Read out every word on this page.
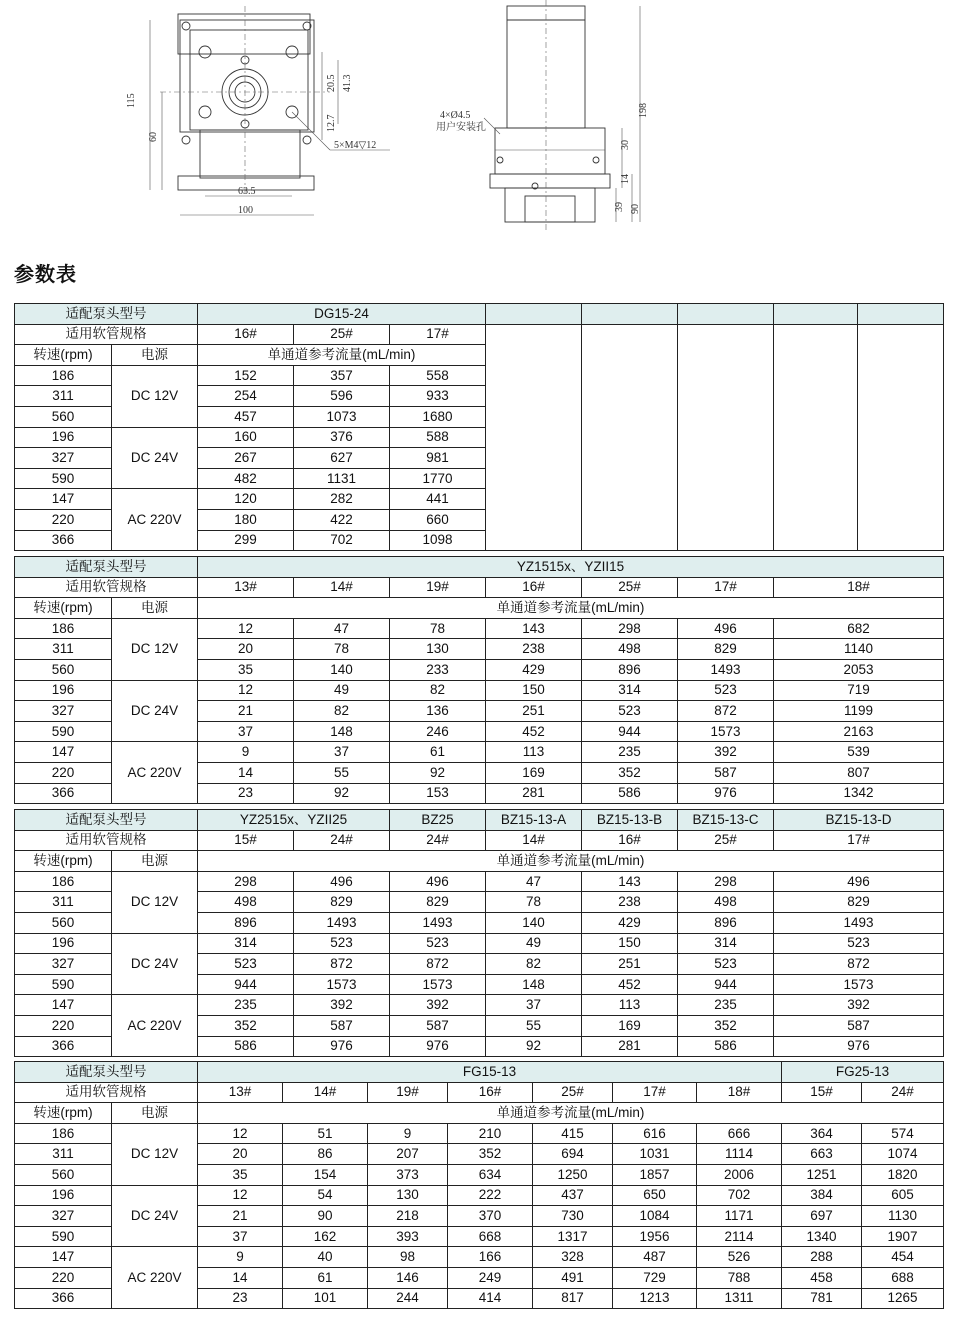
115
60
20.5 41.3
12.7
63.5
100
5×M4▽12
198
30
14
39 90
4×Ø4.5
用户安装孔
参数表
适配泵头型号		DG15-24							
适用软管规格		16#	25#	17#					
转速(rpm)	电源	单通道参考流量(mL/min)							
186	DC 12V	152	357	558					
311		254	596	933					
560		457	1073	1680					
196	DC 24V	160	376	588					
327		267	627	981					
590		482	1131	1770					
147	AC 220V	120	282	441					
220		180	422	660					
366		299	702	1098					
适配泵头型号		YZ1515x、YZII15						
适用软管规格		13#	14#	19#	16#	25#	17#	18#
转速(rpm)	电源	单通道参考流量(mL/min)						
186	DC 12V	12	47	78	143	298	496	682
311		20	78	130	238	498	829	1140
560		35	140	233	429	896	1493	2053
196	DC 24V	12	49	82	150	314	523	719
327		21	82	136	251	523	872	1199
590		37	148	246	452	944	1573	2163
147	AC 220V	9	37	61	113	235	392	539
220		14	55	92	169	352	587	807
366		23	92	153	281	586	976	1342
适配泵头型号		YZ2515x、YZII25		BZ25	BZ15-13-A	BZ15-13-B	BZ15-13-C	BZ15-13-D
适用软管规格		15#	24#	24#	14#	16#	25#	17#
转速(rpm)	电源	单通道参考流量(mL/min)						
186	DC 12V	298	496	496	47	143	298	496
311		498	829	829	78	238	498	829
560		896	1493	1493	140	429	896	1493
196	DC 24V	314	523	523	49	150	314	523
327		523	872	872	82	251	523	872
590		944	1573	1573	148	452	944	1573
147	AC 220V	235	392	392	37	113	235	392
220		352	587	587	55	169	352	587
366		586	976	976	92	281	586	976
适配泵头型号		FG15-13							FG25-13	
适用软管规格		13#	14#	19#	16#	25#	17#	18#	15#	24#
转速(rpm)	电源	单通道参考流量(mL/min)								
186	DC 12V	12	51	9	210	415	616	666	364	574
311		20	86	207	352	694	1031	1114	663	1074
560		35	154	373	634	1250	1857	2006	1251	1820
196	DC 24V	12	54	130	222	437	650	702	384	605
327		21	90	218	370	730	1084	1171	697	1130
590		37	162	393	668	1317	1956	2114	1340	1907
147	AC 220V	9	40	98	166	328	487	526	288	454
220		14	61	146	249	491	729	788	458	688
366		23	101	244	414	817	1213	1311	781	1265
